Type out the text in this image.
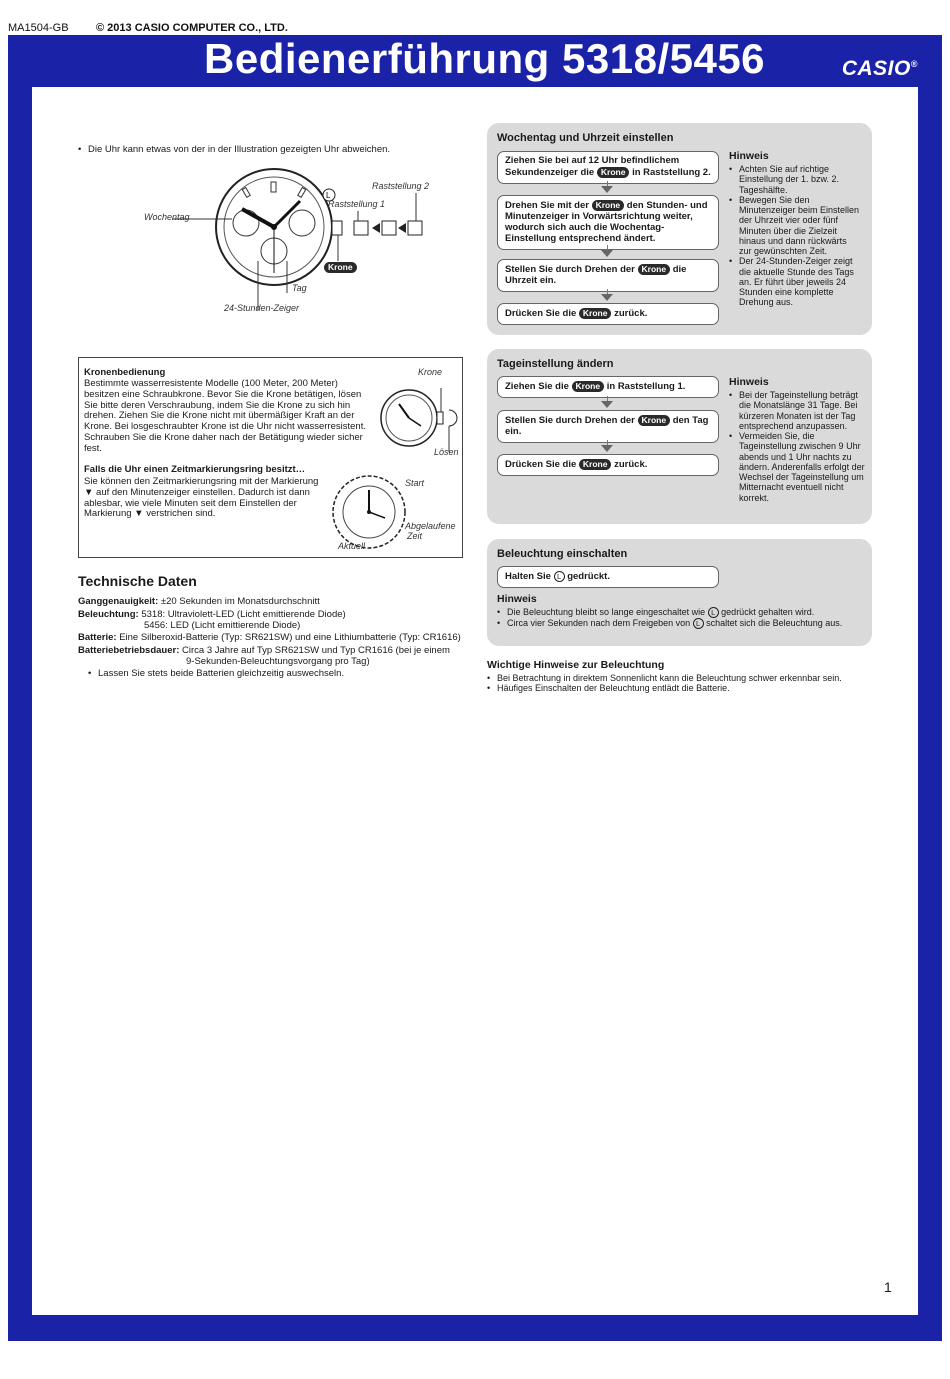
MA1504-GB © 2013 CASIO COMPUTER CO., LTD.
Bedienerführung 5318/5456	CASIO®
• Die Uhr kann etwas von der in der Illustration gezeigten Uhr abweichen.
L
Wochentag
Raststellung 2
Raststellung 1
Krone
Tag
24-Stunden-Zeiger
Kronenbedienung
Bestimmte wasserresistente Modelle (100 Meter, 200 Meter) besitzen eine Schraubkrone. Bevor Sie die Krone betätigen, lösen Sie bitte deren Verschraubung, indem Sie die Krone zu sich hin drehen. Ziehen Sie die Krone nicht mit übermäßiger Kraft an der Krone. Bei losgeschraubter Krone ist die Uhr nicht wasserresistent. Schrauben Sie die Krone daher nach der Betätigung wieder sicher fest.
Krone
Lösen
Falls die Uhr einen Zeitmarkierungsring besitzt…
Sie können den Zeitmarkierungsring mit der Markierung ▼ auf den Minutenzeiger einstellen. Dadurch ist dann ablesbar, wie viele Minuten seit dem Einstellen der Markierung ▼ verstrichen sind.
Start
Abgelaufene
Zeit
Aktuell
Technische Daten
Ganggenauigkeit: ±20 Sekunden im Monatsdurchschnitt
Beleuchtung: 5318: Ultraviolett-LED (Licht emittierende Diode)
5456: LED (Licht emittierende Diode)
Batterie: Eine Silberoxid-Batterie (Typ: SR621SW) und eine Lithiumbatterie (Typ: CR1616)
Batteriebetriebsdauer: Circa 3 Jahre auf Typ SR621SW und Typ CR1616 (bei je einem
9-Sekunden-Beleuchtungsvorgang pro Tag)
• Lassen Sie stets beide Batterien gleichzeitig auswechseln.
Wochentag und Uhrzeit einstellen
Ziehen Sie bei auf 12 Uhr befindlichem Sekundenzeiger die Krone in Raststellung 2.
Drehen Sie mit der Krone den Stunden- und Minutenzeiger in Vorwärtsrichtung weiter, wodurch sich auch die Wochentag-Einstellung entsprechend ändert.
Stellen Sie durch Drehen der Krone die Uhrzeit ein.
Drücken Sie die Krone zurück.
Hinweis
• Achten Sie auf richtige Einstellung der 1. bzw. 2. Tageshälfte.
• Bewegen Sie den Minutenzeiger beim Einstellen der Uhrzeit vier oder fünf Minuten über die Zielzeit hinaus und dann rückwärts zur gewünschten Zeit.
• Der 24-Stunden-Zeiger zeigt die aktuelle Stunde des Tags an. Er führt über jeweils 24 Stunden eine komplette Drehung aus.
Tageinstellung ändern
Ziehen Sie die Krone in Raststellung 1.
Stellen Sie durch Drehen der Krone den Tag ein.
Drücken Sie die Krone zurück.
Hinweis
• Bei der Tageinstellung beträgt die Monatslänge 31 Tage. Bei kürzeren Monaten ist der Tag entsprechend anzupassen.
• Vermeiden Sie, die Tageinstellung zwischen 9 Uhr abends und 1 Uhr nachts zu ändern. Anderenfalls erfolgt der Wechsel der Tageinstellung um Mitternacht eventuell nicht korrekt.
Beleuchtung einschalten
Halten Sie L gedrückt.
Hinweis
• Die Beleuchtung bleibt so lange eingeschaltet wie L gedrückt gehalten wird.
• Circa vier Sekunden nach dem Freigeben von L schaltet sich die Beleuchtung aus.
Wichtige Hinweise zur Beleuchtung
• Bei Betrachtung in direktem Sonnenlicht kann die Beleuchtung schwer erkennbar sein.
• Häufiges Einschalten der Beleuchtung entlädt die Batterie.
1
